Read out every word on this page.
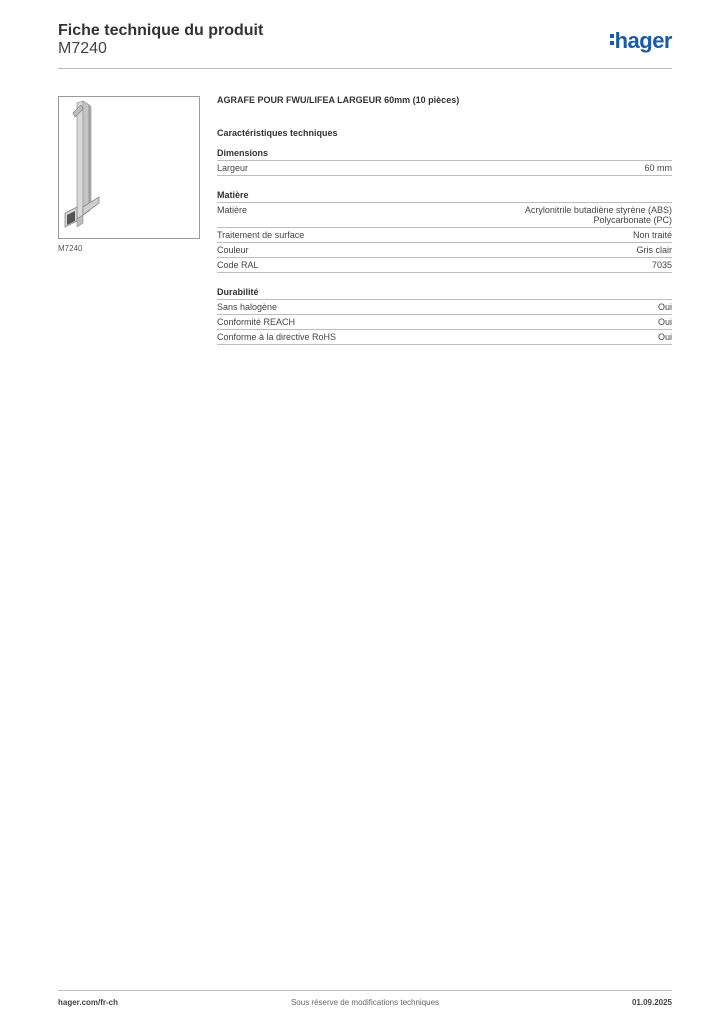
Fiche technique du produit
M7240	hager
M7240
AGRAFE POUR FWU/LIFEA LARGEUR 60mm (10 pièces)
Caractéristiques techniques
Dimensions
Largeur	60 mm
Matière
Matière	Acrylonitrile butadiène styrène (ABS)
Polycarbonate (PC)
Traitement de surface	Non traité
Couleur	Gris clair
Code RAL	7035
Durabilité
Sans halogène	Oui
Conformité REACH	Oui
Conforme à la directive RoHS	Oui
hager.com/fr-ch	Sous réserve de modifications techniques	01.09.2025
